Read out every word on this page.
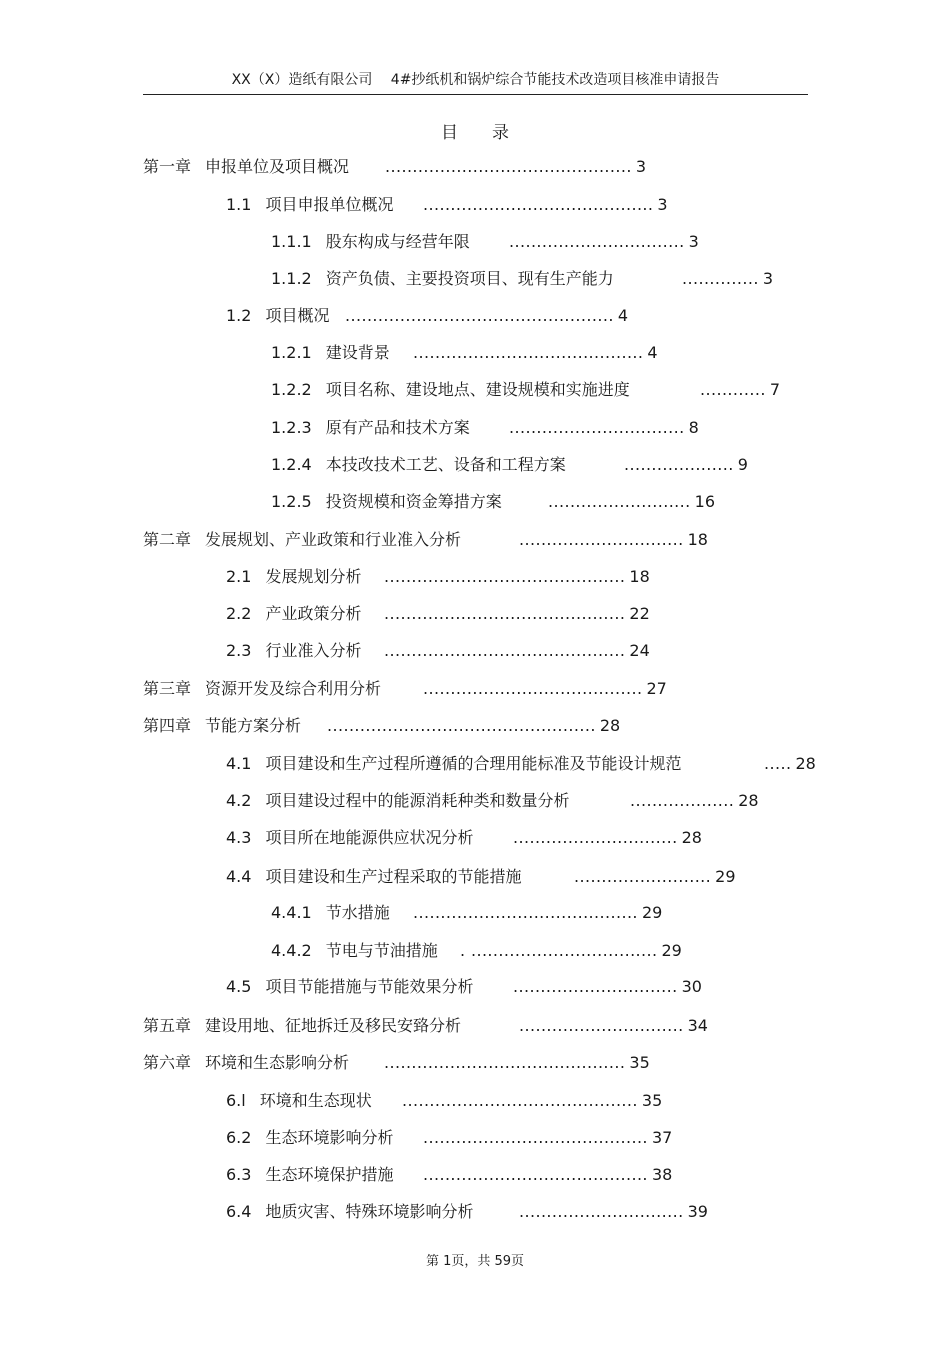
XX（X）造纸有限公司 4#抄纸机和锅炉综合节能技术改造项目核准申请报告
目录
第一章 申报单位及项目概况 ............................................. 3
1.1 项目申报单位概况 .......................................... 3
1.1.1 股东构成与经营年限 ................................ 3
1.1.2 资产负债、主要投资项目、现有生产能力	.............. 3
1.2 项目概况 ................................................. 4
1.2.1 建设背景 .......................................... 4
1.2.2 项目名称、建设地点、建设规模和实施进度	............ 7
1.2.3 原有产品和技术方案 ................................ 8
1.2.4 本技改技术工艺、设备和工程方案	.................... 9
1.2.5 投资规模和资金筹措方案	.......................... 16
第二章 发展规划、产业政策和行业准入分析	.............................. 18
2.1 发展规划分析 ............................................ 18
2.2 产业政策分析 ............................................ 22
2.3 行业准入分析 ............................................ 24
第三章 资源开发及综合利用分析	........................................ 27
第四章 节能方案分析 ................................................. 28
4.1 项目建设和生产过程所遵循的合理用能标准及节能设计规范	..... 28
4.2 项目建设过程中的能源消耗种类和数量分析	................... 28
4.3 项目所在地能源供应状况分析 .............................. 28
4.4 项目建设和生产过程采取的节能措施	......................... 29
4.4.1 节水措施 ......................................... 29
4.4.2 节电与节油措施 . .................................. 29
4.5 项目节能措施与节能效果分析 .............................. 30
第五章 建设用地、征地拆迁及移民安臵分析	.............................. 34
第六章 环境和生态影响分析 ............................................ 35
6.l 环境和生态现状 ........................................... 35
6.2 生态环境影响分析 ......................................... 37
6.3 生态环境保护措施 ......................................... 38
6.4 地质灾害、特殊环境影响分析	.............................. 39
第 1页，共 59页
